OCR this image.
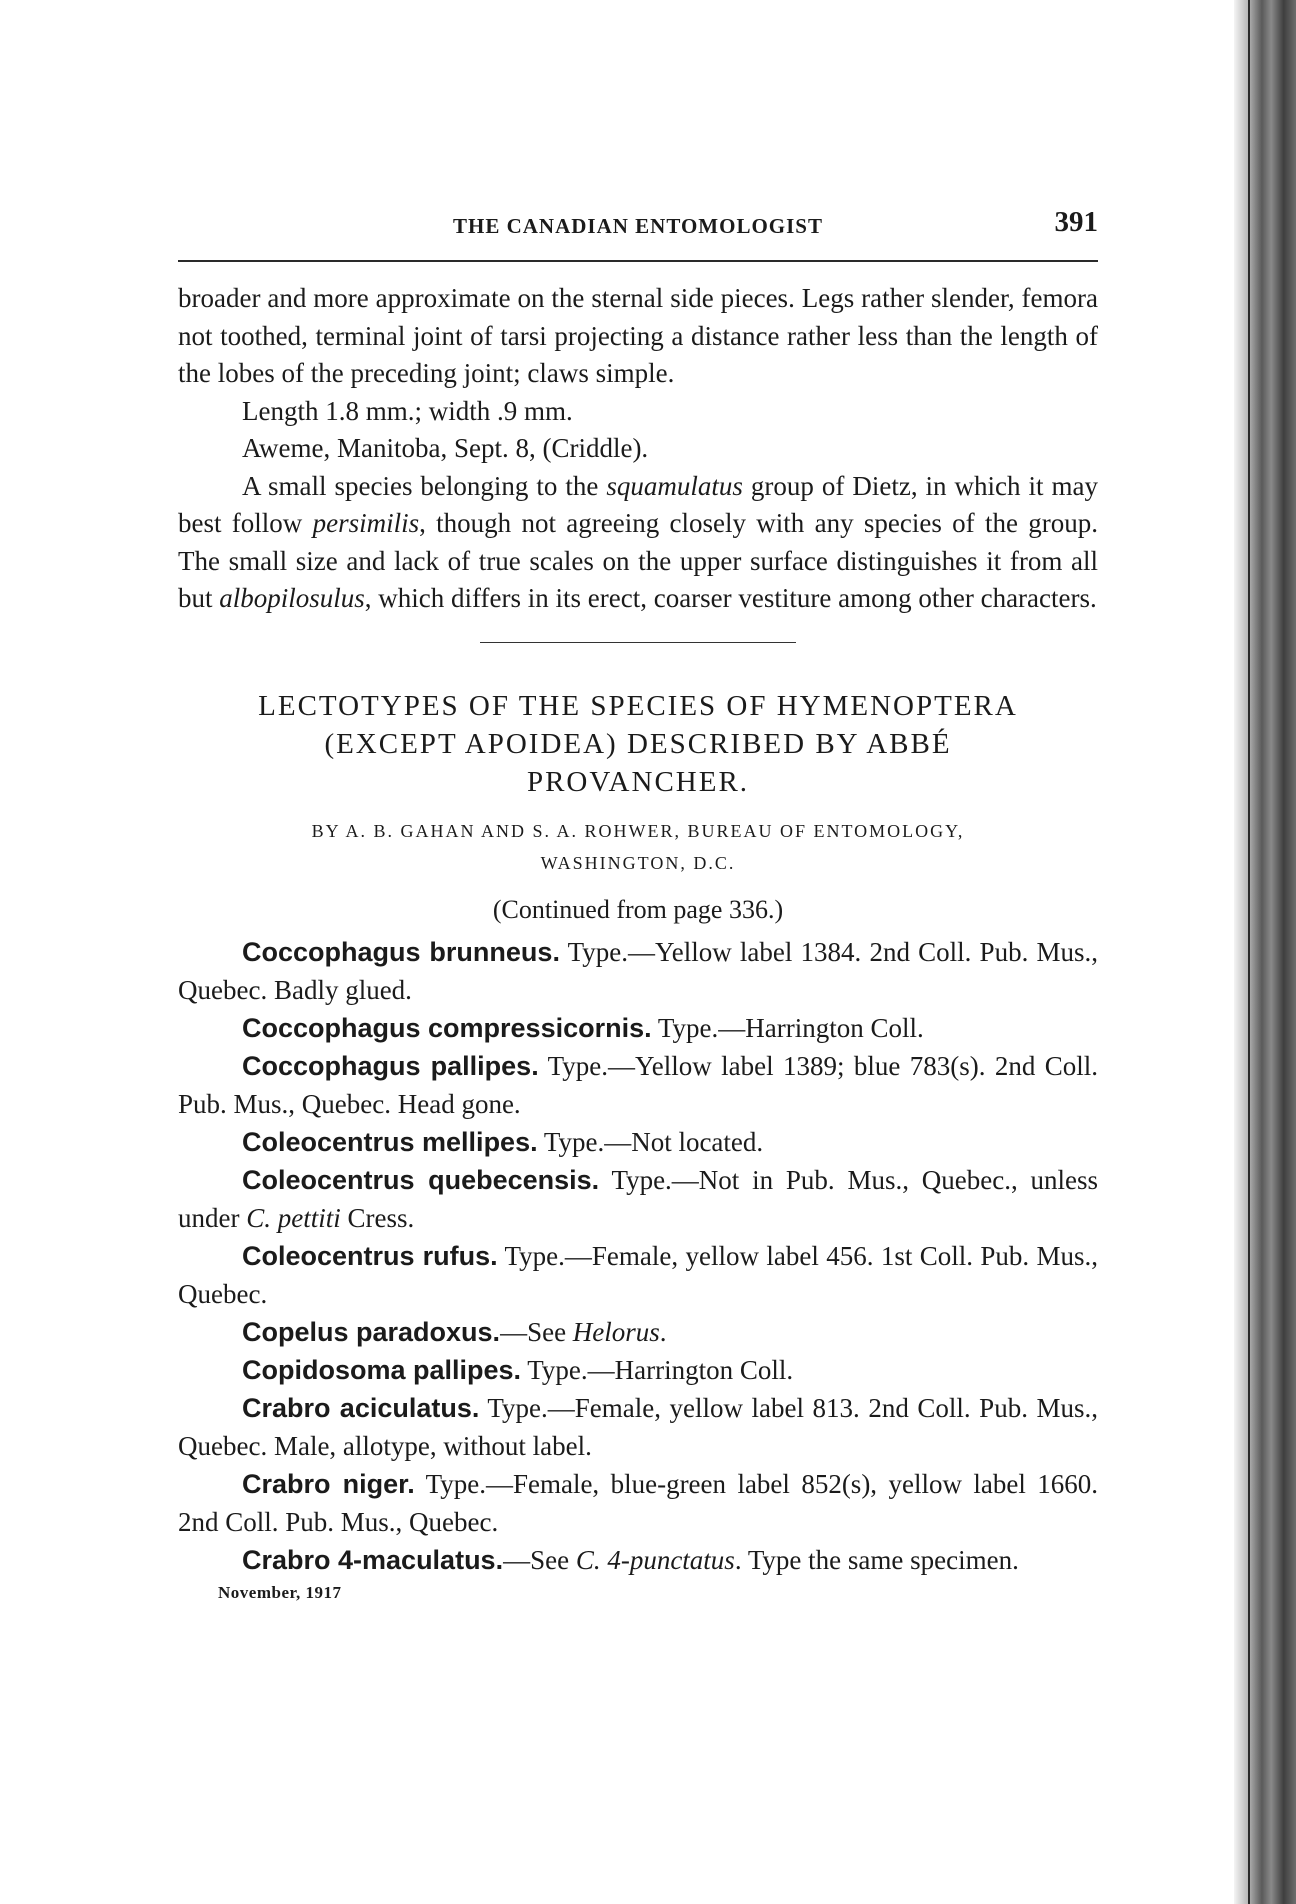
THE CANADIAN ENTOMOLOGIST	391

broader and more approximate on the sternal side pieces. Legs rather slender, femora not toothed, terminal joint of tarsi projecting a distance rather less than the length of the lobes of the preceding joint; claws simple.

Length 1.8 mm.; width .9 mm.

Aweme, Manitoba, Sept. 8, (Criddle).

A small species belonging to the squamulatus group of Dietz, in which it may best follow persimilis, though not agreeing closely with any species of the group. The small size and lack of true scales on the upper surface distinguishes it from all but albopilosulus, which differs in its erect, coarser vestiture among other characters.

LECTOTYPES OF THE SPECIES OF HYMENOPTERA

(EXCEPT APOIDEA) DESCRIBED BY ABBÉ

PROVANCHER.

BY A. B. GAHAN AND S. A. ROHWER, BUREAU OF ENTOMOLOGY,
WASHINGTON, D.C.

(Continued from page 336.)

Coccophagus brunneus. Type.—Yellow label 1384. 2nd Coll. Pub. Mus., Quebec. Badly glued.

Coccophagus compressicornis. Type.—Harrington Coll.

Coccophagus pallipes. Type.—Yellow label 1389; blue 783(s). 2nd Coll. Pub. Mus., Quebec. Head gone.

Coleocentrus mellipes. Type.—Not located.

Coleocentrus quebecensis. Type.—Not in Pub. Mus., Quebec., unless under C. pettiti Cress.

Coleocentrus rufus. Type.—Female, yellow label 456. 1st Coll. Pub. Mus., Quebec.

Copelus paradoxus.—See Helorus.

Copidosoma pallipes. Type.—Harrington Coll.

Crabro aciculatus. Type.—Female, yellow label 813. 2nd Coll. Pub. Mus., Quebec. Male, allotype, without label.

Crabro niger. Type.—Female, blue-green label 852(s), yellow label 1660. 2nd Coll. Pub. Mus., Quebec.

Crabro 4-maculatus.—See C. 4-punctatus. Type the same specimen.

November, 1917
